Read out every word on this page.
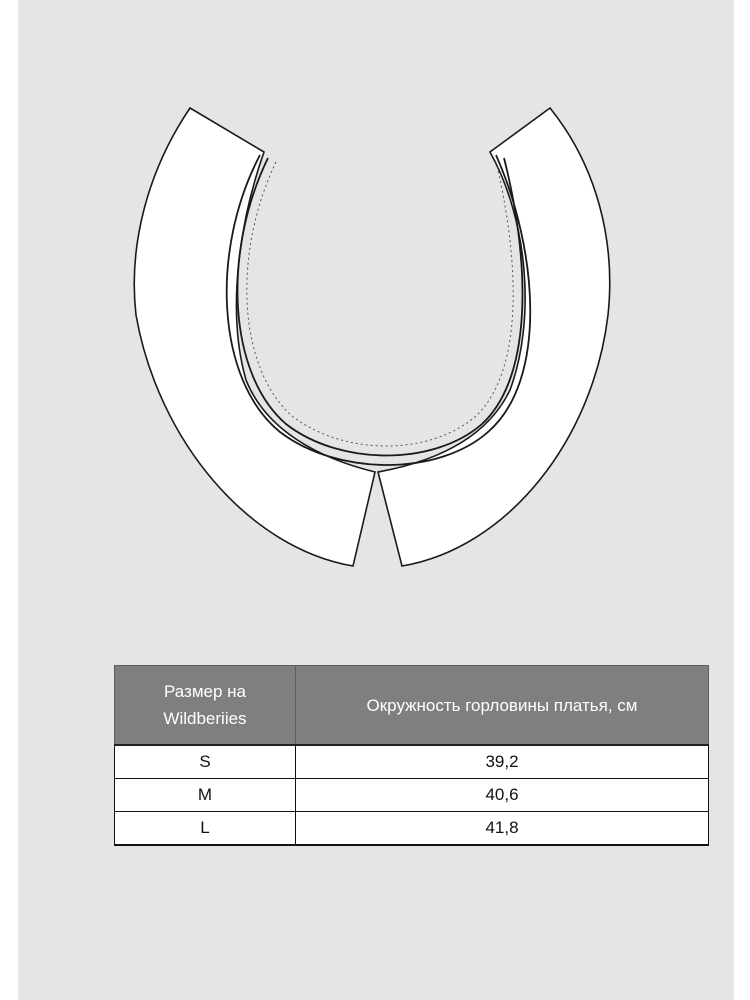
Размер на
Wildberiies	Окружность горловины платья, см
S	39,2
M	40,6
L	41,8
